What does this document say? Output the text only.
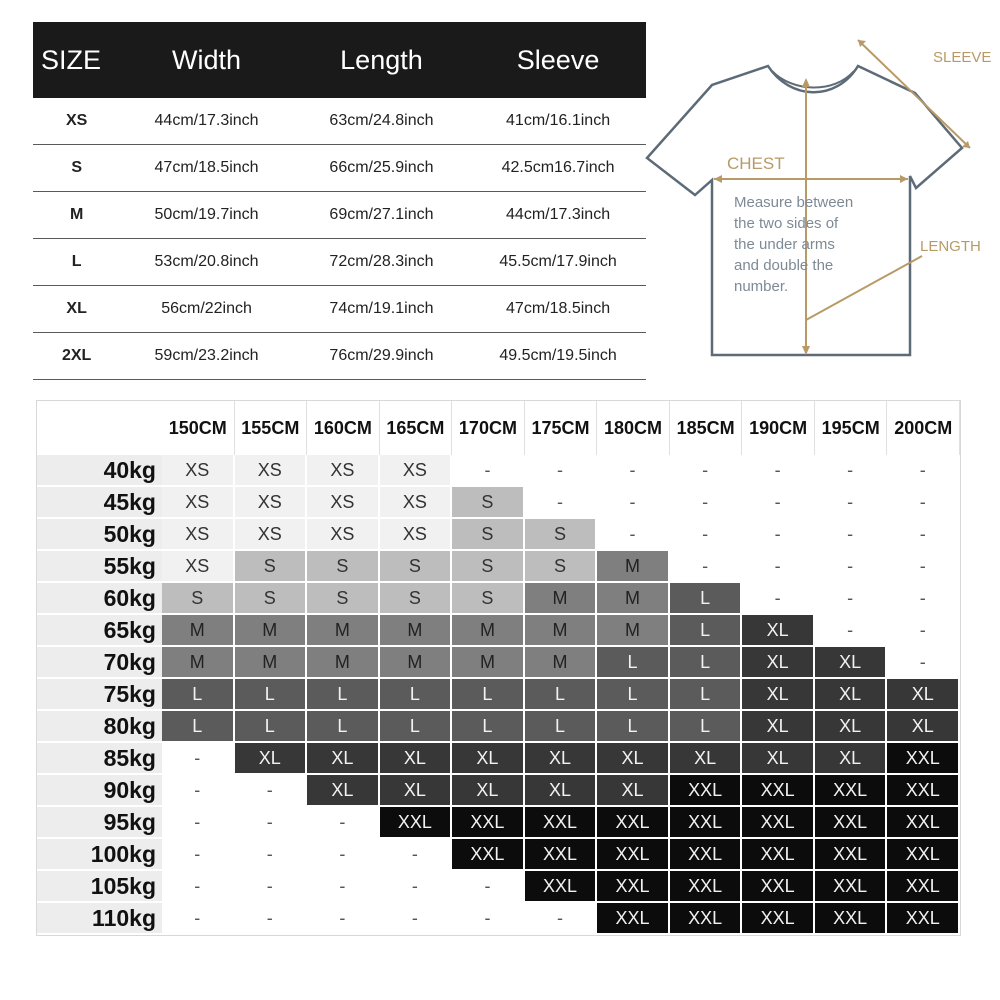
SIZE	Width	Length	Sleeve
XS	44cm/17.3inch	63cm/24.8inch	41cm/16.1inch
S	47cm/18.5inch	66cm/25.9inch	42.5cm16.7inch
M	50cm/19.7inch	69cm/27.1inch	44cm/17.3inch
L	53cm/20.8inch	72cm/28.3inch	45.5cm/17.9inch
XL	56cm/22inch	74cm/19.1inch	47cm/18.5inch
2XL	59cm/23.2inch	76cm/29.9inch	49.5cm/19.5inch
SLEEVE
CHEST
LENGTH
Measure between
the two sides of
the under arms
and double the
number.
150CM 155CM 160CM 165CM 170CM 175CM 180CM 185CM 190CM 195CM 200CM
40kg	XS	XS	XS	XS	-	-	-	-	-	-	-
45kg	XS	XS	XS	XS	S	-	-	-	-	-	-
50kg	XS	XS	XS	XS	S	S	-	-	-	-	-
55kg	XS	S	S	S	S	S	M	-	-	-	-
60kg	S	S	S	S	S	M	M	L	-	-	-
65kg	M	M	M	M	M	M	M	L	XL	-	-
70kg	M	M	M	M	M	M	L	L	XL	XL	-
75kg	L	L	L	L	L	L	L	L	XL	XL	XL
80kg	L	L	L	L	L	L	L	L	XL	XL	XL
85kg	-	XL	XL	XL	XL	XL	XL	XL	XL	XL	XXL
90kg	-	-	XL	XL	XL	XL	XL	XXL	XXL	XXL	XXL
95kg	-	-	-	XXL	XXL	XXL	XXL	XXL	XXL	XXL	XXL
100kg	-	-	-	-	XXL	XXL	XXL	XXL	XXL	XXL	XXL
105kg	-	-	-	-	-	XXL	XXL	XXL	XXL	XXL	XXL
110kg	-	-	-	-	-	-	XXL	XXL	XXL	XXL	XXL
